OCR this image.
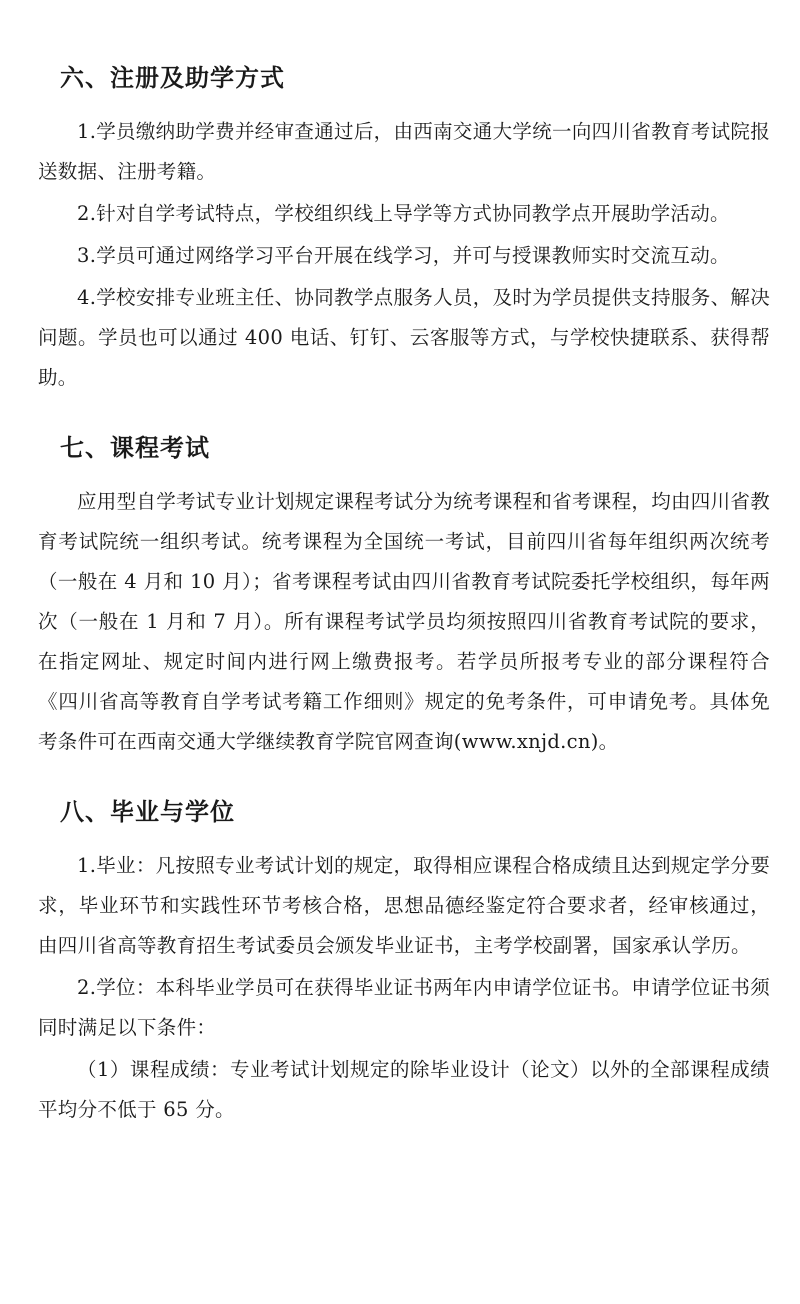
六、注册及助学方式

1.学员缴纳助学费并经审查通过后，由西南交通大学统一向四川省教育考试院报送数据、注册考籍。

2.针对自学考试特点，学校组织线上导学等方式协同教学点开展助学活动。

3.学员可通过网络学习平台开展在线学习，并可与授课教师实时交流互动。

4.学校安排专业班主任、协同教学点服务人员，及时为学员提供支持服务、解决问题。学员也可以通过 400 电话、钉钉、云客服等方式，与学校快捷联系、获得帮助。

七、课程考试

应用型自学考试专业计划规定课程考试分为统考课程和省考课程，均由四川省教育考试院统一组织考试。统考课程为全国统一考试，目前四川省每年组织两次统考（一般在 4 月和 10 月）；省考课程考试由四川省教育考试院委托学校组织，每年两次（一般在 1 月和 7 月）。所有课程考试学员均须按照四川省教育考试院的要求，在指定网址、规定时间内进行网上缴费报考。若学员所报考专业的部分课程符合《四川省高等教育自学考试考籍工作细则》规定的免考条件，可申请免考。具体免考条件可在西南交通大学继续教育学院官网查询(www.xnjd.cn)。

八、毕业与学位

1.毕业：凡按照专业考试计划的规定，取得相应课程合格成绩且达到规定学分要求，毕业环节和实践性环节考核合格，思想品德经鉴定符合要求者，经审核通过，由四川省高等教育招生考试委员会颁发毕业证书，主考学校副署，国家承认学历。

2.学位：本科毕业学员可在获得毕业证书两年内申请学位证书。申请学位证书须同时满足以下条件：

（1）课程成绩：专业考试计划规定的除毕业设计（论文）以外的全部课程成绩平均分不低于 65 分。
